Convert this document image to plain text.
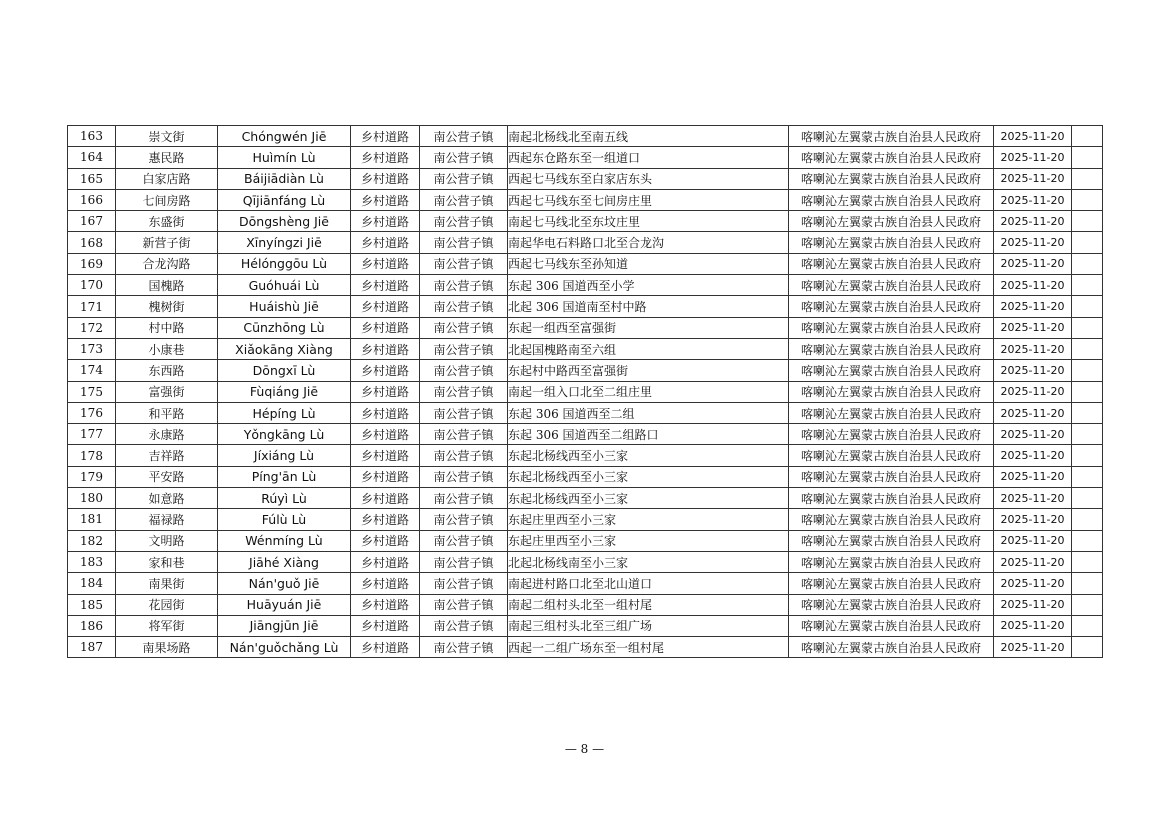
163	崇文街	Chóngwén Jiē	乡村道路	南公营子镇	南起北杨线北至南五线	喀喇沁左翼蒙古族自治县人民政府	2025-11-20	
164	惠民路	Huìmín Lù	乡村道路	南公营子镇	西起东仓路东至一组道口	喀喇沁左翼蒙古族自治县人民政府	2025-11-20	
165	白家店路	Báijiādiàn Lù	乡村道路	南公营子镇	西起七马线东至白家店东头	喀喇沁左翼蒙古族自治县人民政府	2025-11-20	
166	七间房路	Qījiānfáng Lù	乡村道路	南公营子镇	西起七马线东至七间房庄里	喀喇沁左翼蒙古族自治县人民政府	2025-11-20	
167	东盛街	Dōngshèng Jiē	乡村道路	南公营子镇	南起七马线北至东坟庄里	喀喇沁左翼蒙古族自治县人民政府	2025-11-20	
168	新营子街	Xīnyíngzi Jiē	乡村道路	南公营子镇	南起华电石料路口北至合龙沟	喀喇沁左翼蒙古族自治县人民政府	2025-11-20	
169	合龙沟路	Hélónggōu Lù	乡村道路	南公营子镇	西起七马线东至孙知道	喀喇沁左翼蒙古族自治县人民政府	2025-11-20	
170	国槐路	Guóhuái Lù	乡村道路	南公营子镇	东起 306 国道西至小学	喀喇沁左翼蒙古族自治县人民政府	2025-11-20	
171	槐树街	Huáishù Jiē	乡村道路	南公营子镇	北起 306 国道南至村中路	喀喇沁左翼蒙古族自治县人民政府	2025-11-20	
172	村中路	Cūnzhōng Lù	乡村道路	南公营子镇	东起一组西至富强街	喀喇沁左翼蒙古族自治县人民政府	2025-11-20	
173	小康巷	Xiǎokāng Xiàng	乡村道路	南公营子镇	北起国槐路南至六组	喀喇沁左翼蒙古族自治县人民政府	2025-11-20	
174	东西路	Dōngxī Lù	乡村道路	南公营子镇	东起村中路西至富强街	喀喇沁左翼蒙古族自治县人民政府	2025-11-20	
175	富强街	Fùqiáng Jiē	乡村道路	南公营子镇	南起一组入口北至二组庄里	喀喇沁左翼蒙古族自治县人民政府	2025-11-20	
176	和平路	Hépíng Lù	乡村道路	南公营子镇	东起 306 国道西至二组	喀喇沁左翼蒙古族自治县人民政府	2025-11-20	
177	永康路	Yǒngkāng Lù	乡村道路	南公营子镇	东起 306 国道西至二组路口	喀喇沁左翼蒙古族自治县人民政府	2025-11-20	
178	吉祥路	Jíxiáng Lù	乡村道路	南公营子镇	东起北杨线西至小三家	喀喇沁左翼蒙古族自治县人民政府	2025-11-20	
179	平安路	Píng'ān Lù	乡村道路	南公营子镇	东起北杨线西至小三家	喀喇沁左翼蒙古族自治县人民政府	2025-11-20	
180	如意路	Rúyì Lù	乡村道路	南公营子镇	东起北杨线西至小三家	喀喇沁左翼蒙古族自治县人民政府	2025-11-20	
181	福禄路	Fúlù Lù	乡村道路	南公营子镇	东起庄里西至小三家	喀喇沁左翼蒙古族自治县人民政府	2025-11-20	
182	文明路	Wénmíng Lù	乡村道路	南公营子镇	东起庄里西至小三家	喀喇沁左翼蒙古族自治县人民政府	2025-11-20	
183	家和巷	Jiāhé Xiàng	乡村道路	南公营子镇	北起北杨线南至小三家	喀喇沁左翼蒙古族自治县人民政府	2025-11-20	
184	南果街	Nán'guǒ Jiē	乡村道路	南公营子镇	南起进村路口北至北山道口	喀喇沁左翼蒙古族自治县人民政府	2025-11-20	
185	花园街	Huāyuán Jiē	乡村道路	南公营子镇	南起二组村头北至一组村尾	喀喇沁左翼蒙古族自治县人民政府	2025-11-20	
186	将军街	Jiāngjūn Jiē	乡村道路	南公营子镇	南起三组村头北至三组广场	喀喇沁左翼蒙古族自治县人民政府	2025-11-20	
187	南果场路	Nán'guǒchǎng Lù	乡村道路	南公营子镇	西起一二组广场东至一组村尾	喀喇沁左翼蒙古族自治县人民政府	2025-11-20	
— 8 —
